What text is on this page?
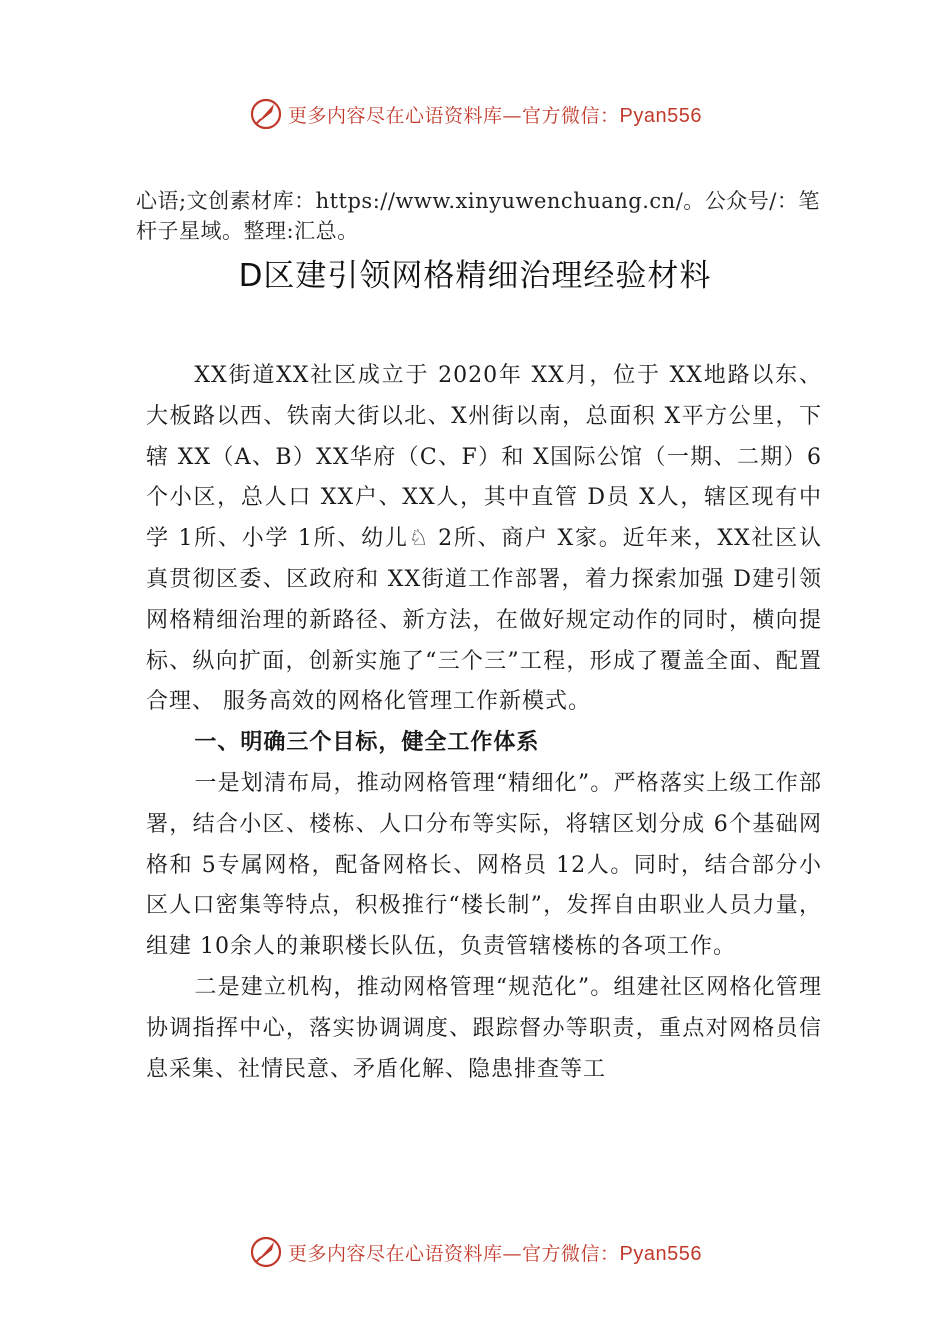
更多内容尽在心语资料库—官方微信：Pyan556
心语;文创素材库：https://www.xinyuwenchuang.cn/。公众号/：笔杆子星域。整理:汇总。
D区建引领网格精细治理经验材料

XX街道XX社区成立于 2020年 XX月，位于 XX地路以东、大板路以西、铁南大街以北、X州街以南，总面积 X平方公里，下辖 XX（A、B）XX华府（C、F）和 X国际公馆（一期、二期）6个小区，总人口 XX户、XX人，其中直管 D员 X人，辖区现有中学 1所、小学 1所、幼儿♘ 2所、商户 X家。近年来，XX社区认真贯彻区委、区政府和 XX街道工作部署，着力探索加强 D建引领网格精细治理的新路径、新方法，在做好规定动作的同时，横向提标、纵向扩面，创新实施了“三个三”工程，形成了覆盖全面、配置合理、 服务高效的网格化管理工作新模式。

一、明确三个目标，健全工作体系

一是划清布局，推动网格管理“精细化”。严格落实上级工作部署，结合小区、楼栋、人口分布等实际，将辖区划分成 6个基础网格和 5专属网格，配备网格长、网格员 12人。同时，结合部分小区人口密集等特点，积极推行“楼长制”，发挥自由职业人员力量，组建 10余人的兼职楼长队伍，负责管辖楼栋的各项工作。

二是建立机构，推动网格管理“规范化”。组建社区网格化管理协调指挥中心，落实协调调度、跟踪督办等职责，重点对网格员信息采集、社情民意、矛盾化解、隐患排查等工

更多内容尽在心语资料库—官方微信：Pyan556
